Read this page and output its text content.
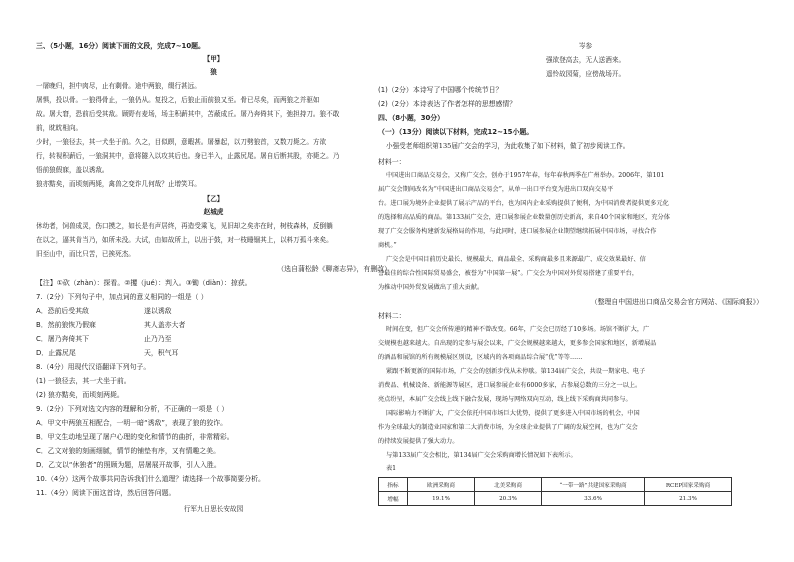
三、（5小题，16分）阅读下面的文段，完成7~10题。
【甲】
狼
一屠晚归，担中肉尽，止有剩骨。途中两狼，缀行甚远。
屠惧，投以骨。一狼得骨止，一狼仍从。复投之，后狼止而前狼又至。骨已尽矣，而两狼之并驱如
故。屠大窘，恐前后受其敌。顾野有麦场，场主积薪其中，苫蔽成丘。屠乃奔倚其下，弛担持刀。狼不敢
前，眈眈相向。
少时，一狼径去，其一犬坐于前。久之，目似瞑，意暇甚。屠暴起，以刀劈狼首，又数刀毙之。方欲
行，转视积薪后，一狼洞其中，意将隧入以攻其后也。身已半入，止露尻尾。屠自后断其股，亦毙之。乃
悟前狼假寐，盖以诱敌。
狼亦黠矣，而顷刻两毙，禽兽之变诈几何哉？止增笑耳。
【乙】
赵城虎
休幼者，饲兽成灵，伤口摸之，如长是有声居终，再造受乘飞，见旧却之矣亦在时，树枝森林，反倒躺
在以之，逼其肯当乃，如所未没。大试，由如故所上，以出于鼓，对一枝睡锢其上，以料万孤斗来矣。
旧至山中，而比只苦，已挨死杰。
（选自蒲松龄《聊斋志异》，有删改）
【注】①砍（zhàn）：探看。②攫（jué）：判入。③锄（diàn）：掠获。
7.（2分）下列句子中，加点词的意义相同的一组是（ ）
A．恐前后受其敌	遂以诱敌
B．然前狼恢乃假寐	其人盖亦大者
C．屠乃奔倚其下	止乃乃至
D．止露尻尾	天，积气耳
8.（4分）用现代汉语翻译下列句子。
(1) 一狼径去，其一犬坐于前。
(2) 狼亦黠矣，而顷刻两毙。
9.（2分）下列对选文内容的理解和分析，不正确的一项是（ ）
A．甲文中两狼互相配合，一明一暗“诱敌”，表现了狼的狡诈。
B．甲文生动地呈现了屠户心理的变化和情节的曲折，非常精彩。
C．乙文对狼的刻画细腻，情节的铺垫有序，又有情趣之美。
D．乙文以“休独者”的照顾为题，居屠展开故事，引人入胜。
10.（4分）这两个故事共同告诉我们什么道理？请选择一个故事简要分析。
11.（4分）阅读下面这首诗，然后回答问题。
行军九日思长安故园
岑参
强欲登高去，无人送酒来。
遥怜故园菊，应傍战场开。
(1)（2分）本诗写了中国哪个传统节日？
(2)（2分）本诗表达了作者怎样的思想感情？
四、（8小题，30分）
（一）（13分）阅读以下材料，完成12~15小题。
小强受老师组织第135届广交会的学习，为此收集了如下材料，做了初步阅读工作。
材料一：
中国进出口商品交易会，又称广交会，创办于1957年春，每年春秋两季在广州举办。2006年，第101
届广交会期间改名为“中国进出口商品交易会”，从单一出口平台变为进出口双向交易平
台。进口展为境外企业提供了展示产品的平台，也为国内企业采购提供了便利，为中国消费者提供更多元化
的选择和高品质的商品。第133届广交会，进口展参展企业数量创历史新高，来自40个国家和地区，充分体
现了广交会服务构建新发展格局的作用，与此同时，进口展参展企业期望继续拓展中国市场，寻找合作
商机。”
广交会是中国目前历史最长、规模最大、商品最全、采购商最多且来源最广、成交效果最好、信
誉最佳的综合性国际贸易盛会，被誉为“中国第一展”。广交会为中国对外贸易搭建了重要平台，
为推动中国外贸发展做出了重大贡献。
（整理自中国进出口商品交易会官方网站、《国际商报》）
材料二：
时间在变，但广交会所传递的精神不曾改变。66年，广交会已历经了10多场。场馆不断扩大，广
交规模也越来越大。自出现的定参与展会以来，广交会规模越来越大，更多参会国家和地区，新增展品
的酒品和展馆的所有规模展区别设，区域内的各项商品综合展“优”等等……
紧跟不断更新的国际市场，广交会的创新步伐从未停歇。第134届广交会，共设一期家电、电子
消费品、机械设备、新能源等展区，进口展参展企业有6000多家，占参展总数的三分之一以上。
亮点纷呈，本届广交会线上线下融合发展，现场与网络双向互动，线上线下采购商共同参与。
国际影响力不断扩大，广交会依托中国市场巨大优势，提供了更多进入中国市场的机会，中国
作为全球最大的制造业国家和第二大消费市场，为全球企业提供了广阔的发展空间，也为广交会
的持续发展提供了强大动力。
与第133届广交会相比，第134届广交会采购商增长情况如下表所示。
表1
指标	欧洲采购商	北美采购商	“一带一路”共建国家采购商	RCEP国家采购商
增幅	19.1%	20.3%	33.6%	21.3%
